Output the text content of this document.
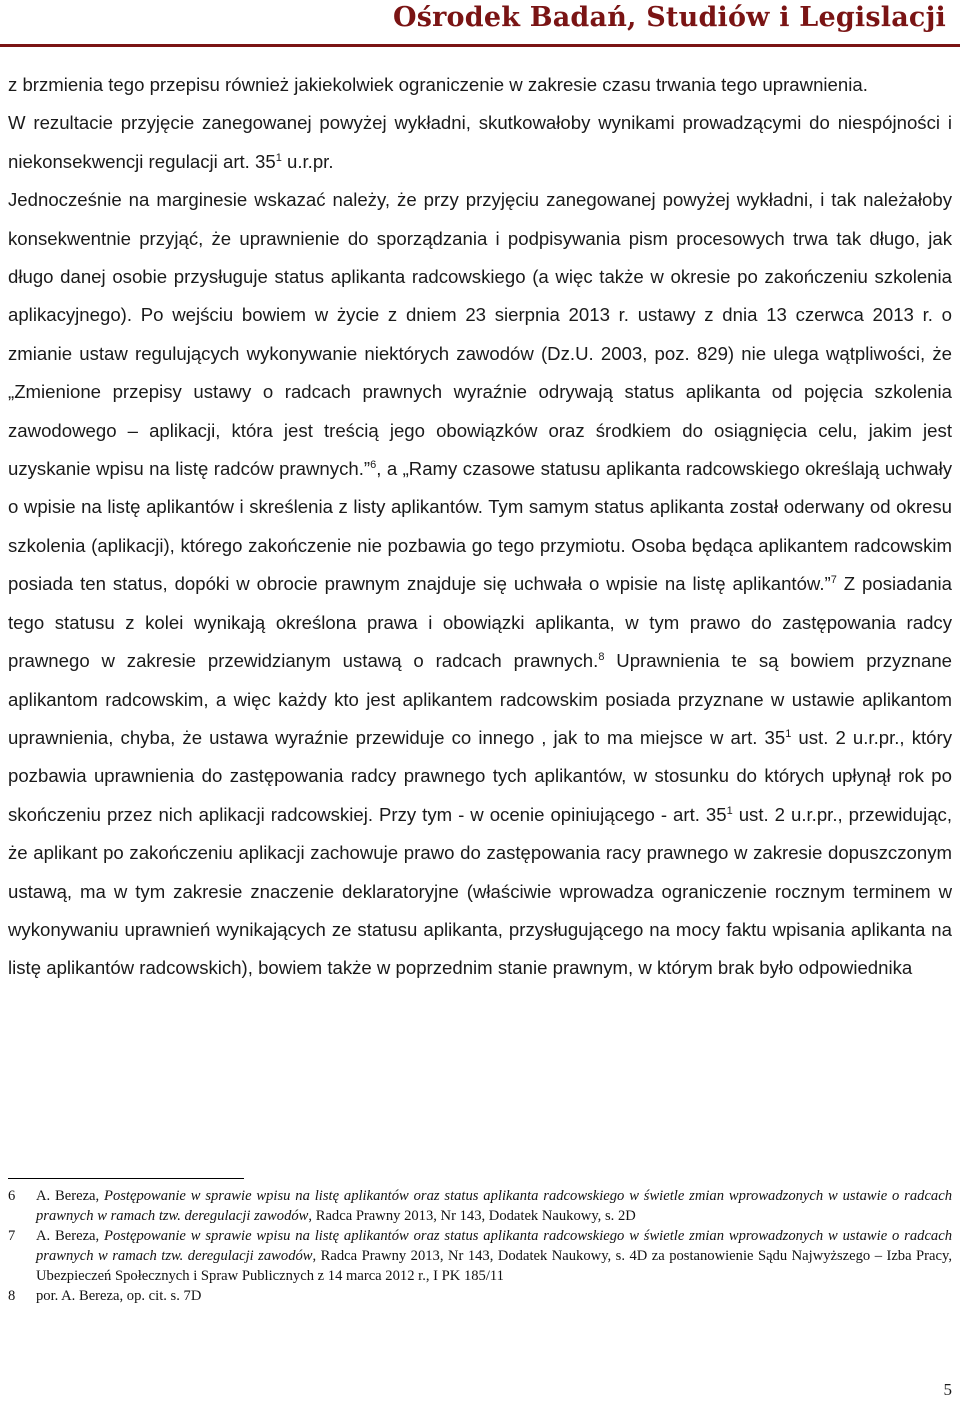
Ośrodek Badań, Studiów i Legislacji

z brzmienia tego przepisu również jakiekolwiek ograniczenie w zakresie czasu trwania tego uprawnienia.

W rezultacie przyjęcie zanegowanej powyżej wykładni, skutkowałoby wynikami prowadzącymi do niespójności i niekonsekwencji regulacji art. $35^1$ u.r.pr.

Jednocześnie na marginesie wskazać należy, że przy przyjęciu zanegowanej powyżej wykładni, i tak należałoby konsekwentnie przyjąć, że uprawnienie do sporządzania i podpisywania pism procesowych trwa tak długo, jak długo danej osobie przysługuje status aplikanta radcowskiego (a więc także w okresie po zakończeniu szkolenia aplikacyjnego). Po wejściu bowiem w życie z dniem 23 sierpnia 2013 r. ustawy z dnia 13 czerwca 2013 r. o zmianie ustaw regulujących wykonywanie niektórych zawodów (Dz.U. 2003, poz. 829) nie ulega wątpliwości, że „Zmienione przepisy ustawy o radcach prawnych wyraźnie odrywają status aplikanta od pojęcia szkolenia zawodowego – aplikacji, która jest treścią jego obowiązków oraz środkiem do osiągnięcia celu, jakim jest uzyskanie wpisu na listę radców prawnych.”$^6$, a „Ramy czasowe statusu aplikanta radcowskiego określają uchwały o wpisie na listę aplikantów i skreślenia z listy aplikantów. Tym samym status aplikanta został oderwany od okresu szkolenia (aplikacji), którego zakończenie nie pozbawia go tego przymiotu. Osoba będąca aplikantem radcowskim posiada ten status, dopóki w obrocie prawnym znajduje się uchwała o wpisie na listę aplikantów.”$^7$ Z posiadania tego statusu z kolei wynikają określona prawa i obowiązki aplikanta, w tym prawo do zastępowania radcy prawnego w zakresie przewidzianym ustawą o radcach prawnych.$^8$ Uprawnienia te są bowiem przyznane aplikantom radcowskim, a więc każdy kto jest aplikantem radcowskim posiada przyznane w ustawie aplikantom uprawnienia, chyba, że ustawa wyraźnie przewiduje co innego , jak to ma miejsce w art. $35^1$ ust. 2 u.r.pr., który pozbawia uprawnienia do zastępowania radcy prawnego tych aplikantów, w stosunku do których upłynął rok po skończeniu przez nich aplikacji radcowskiej. Przy tym - w ocenie opiniującego - art. $35^1$ ust. 2 u.r.pr., przewidując, że aplikant po zakończeniu aplikacji zachowuje prawo do zastępowania racy prawnego w zakresie dopuszczonym ustawą, ma w tym zakresie znaczenie deklaratoryjne (właściwie wprowadza ograniczenie rocznym terminem w wykonywaniu uprawnień wynikających ze statusu aplikanta, przysługującego na mocy faktu wpisania aplikanta na listę aplikantów radcowskich), bowiem także w poprzednim stanie prawnym, w którym brak było odpowiednika

6	A. Bereza, Postępowanie w sprawie wpisu na listę aplikantów oraz status aplikanta radcowskiego w świetle zmian wprowadzonych w ustawie o radcach prawnych w ramach tzw. deregulacji zawodów, Radca Prawny 2013, Nr 143, Dodatek Naukowy, s. 2D
7	A. Bereza, Postępowanie w sprawie wpisu na listę aplikantów oraz status aplikanta radcowskiego w świetle zmian wprowadzonych w ustawie o radcach prawnych w ramach tzw. deregulacji zawodów, Radca Prawny 2013, Nr 143, Dodatek Naukowy, s. 4D za postanowienie Sądu Najwyższego – Izba Pracy, Ubezpieczeń Społecznych i Spraw Publicznych z 14 marca 2012 r., I PK 185/11
8	por. A. Bereza, op. cit. s. 7D
5
